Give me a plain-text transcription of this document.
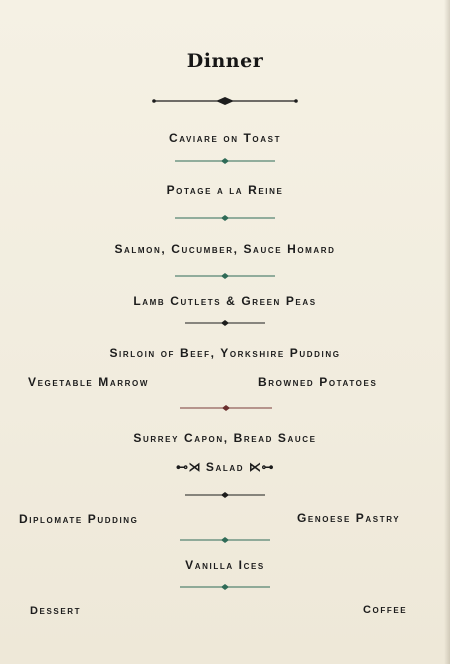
Dinner
Caviare on Toast
Potage a la Reine
Salmon, Cucumber, Sauce Homard
Lamb Cutlets & Green Peas
Sirloin of Beef, Yorkshire Pudding
Vegetable Marrow	Browned Potatoes
Surrey Capon, Bread Sauce
⊷⋊ Salad ⋉⊶
Diplomate Pudding	Genoese Pastry
Vanilla Ices
Dessert	Coffee
